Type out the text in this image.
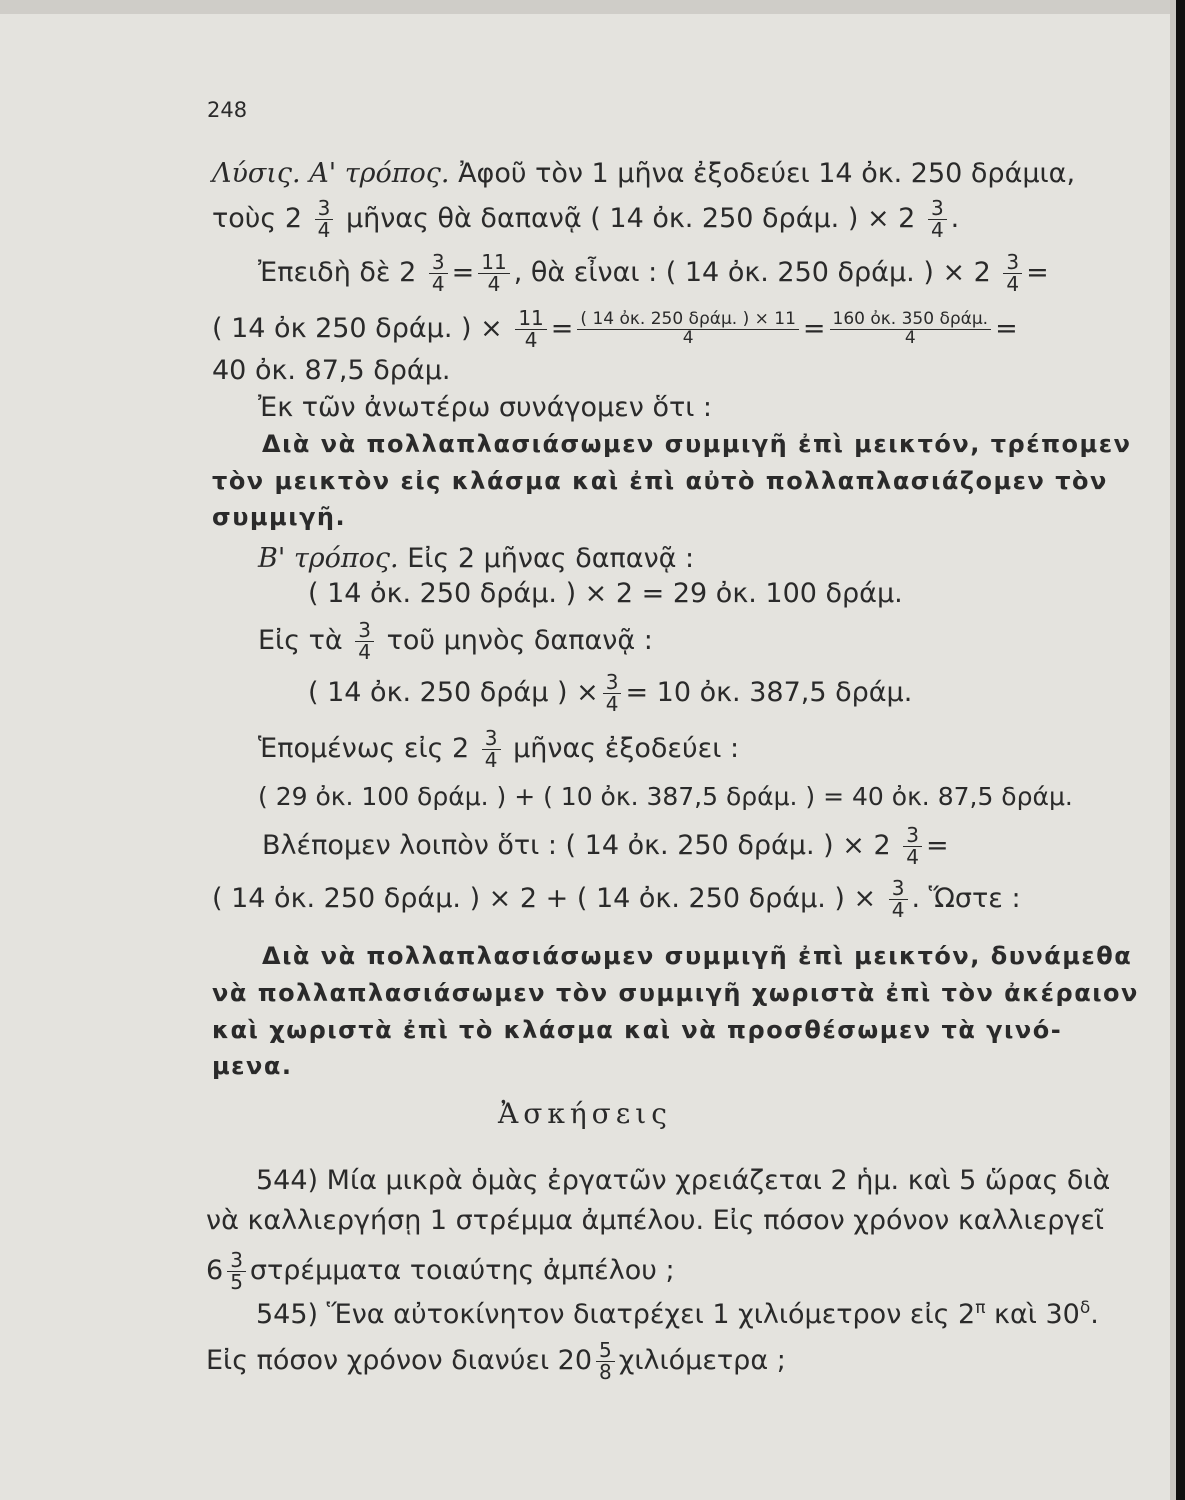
248
Λύσις. Α' τρόπος. Ἀφοῦ τὸν 1 μῆνα ἐξοδεύει 14 ὀκ. 250 δράμια,
τοὺς $2 \frac{3}{4}$ μῆνας θὰ δαπανᾷ ( 14 ὀκ. 250 δράμ. ) × $2 \frac{3}{4}$ .
Ἐπειδὴ δὲ $2 \frac{3}{4} = \frac{11}{4}$ , θὰ εἶναι : ( 14 ὀκ. 250 δράμ. ) × $2 \frac{3}{4}$ =
( 14 ὀκ 250 δράμ. ) × $\frac{11}{4} = \frac{\text{( 14 ὀκ. 250 δράμ. ) × 11}}{4} = \frac{\text{160 ὀκ. 350 δράμ.}}{4}$ =
40 ὀκ. 87,5 δράμ.
Ἐκ τῶν ἀνωτέρω συνάγομεν ὅτι :
Διὰ νὰ πολλαπλασιάσωμεν συμμιγῆ ἐπὶ μεικτόν, τρέπομεν
τὸν μεικτὸν εἰς κλάσμα καὶ ἐπὶ αὐτὸ πολλαπλασιάζομεν τὸν
συμμιγῆ.
Β' τρόπος. Εἰς 2 μῆνας δαπανᾷ :
( 14 ὀκ. 250 δράμ. ) × 2 = 29 ὀκ. 100 δράμ.
Εἰς τὰ $\frac{3}{4}$ τοῦ μηνὸς δαπανᾷ :
( 14 ὀκ. 250 δράμ ) × $\frac{3}{4} = 10$ ὀκ. 387,5 δράμ.
Ἑπομένως εἰς $2 \frac{3}{4}$ μῆνας ἐξοδεύει :
( 29 ὀκ. 100 δράμ. ) + ( 10 ὀκ. 387,5 δράμ. ) = 40 ὀκ. 87,5 δράμ.
Βλέπομεν λοιπὸν ὅτι : ( 14 ὀκ. 250 δράμ. ) × $2 \frac{3}{4}$ =
( 14 ὀκ. 250 δράμ. ) × 2 + ( 14 ὀκ. 250 δράμ. ) × $\frac{3}{4}$ . Ὥστε :
Διὰ νὰ πολλαπλασιάσωμεν συμμιγῆ ἐπὶ μεικτόν, δυνάμεθα
νὰ πολλαπλασιάσωμεν τὸν συμμιγῆ χωριστὰ ἐπὶ τὸν ἀκέραιον
καὶ χωριστὰ ἐπὶ τὸ κλάσμα καὶ νὰ προσθέσωμεν τὰ γινό-
μενα.
Ἀσκήσεις
544) Μία μικρὰ ὁμὰς ἐργατῶν χρειάζεται 2 ἡμ. καὶ 5 ὥρας διὰ
νὰ καλλιεργήσῃ 1 στρέμμα ἀμπέλου. Εἰς πόσον χρόνον καλλιεργεῖ
$6 \frac{3}{5}$ στρέμματα τοιαύτης ἀμπέλου ;
545) Ἕνα αὐτοκίνητον διατρέχει 1 χιλιόμετρον εἰς $2^\pi$ καὶ $30^\delta$.
Εἰς πόσον χρόνον διανύει $20 \frac{5}{8}$ χιλιόμετρα ;
